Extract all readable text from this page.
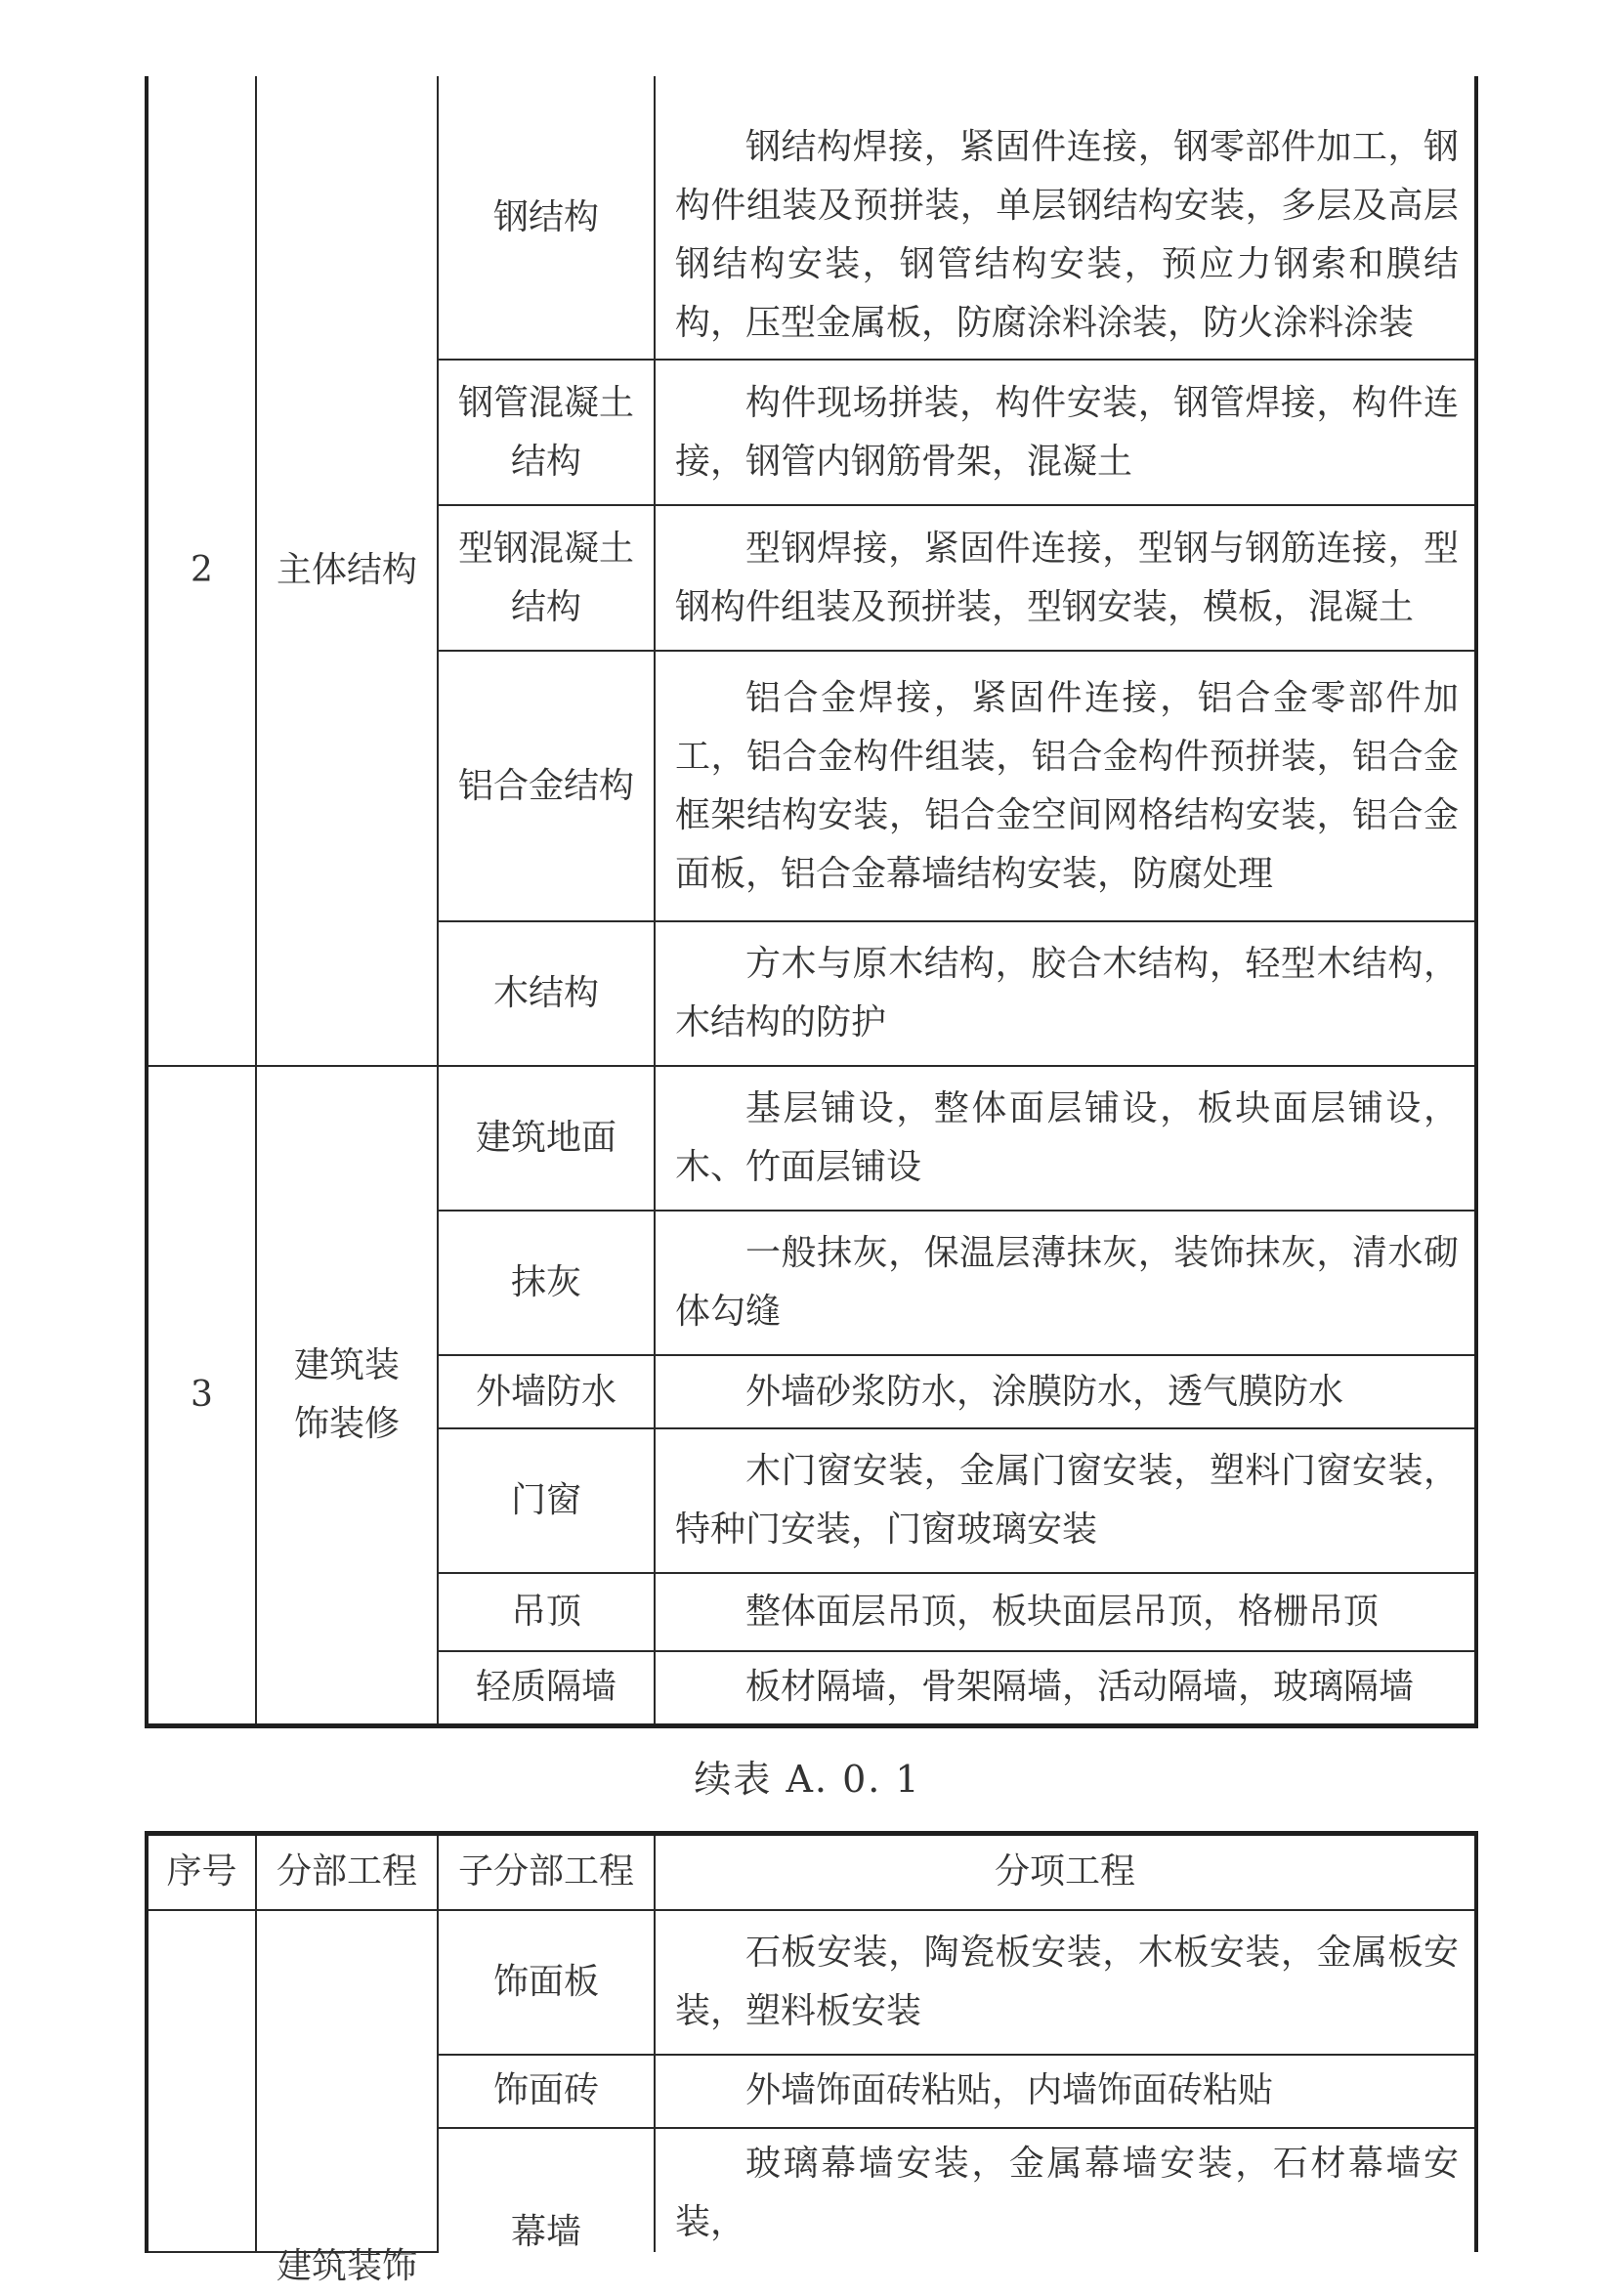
2	主体结构	钢结构	钢结构焊接，紧固件连接，钢零部件加工，钢构件组装及预拼装，单层钢结构安装，多层及高层钢结构安装，钢管结构安装，预应力钢索和膜结构，压型金属板，防腐涂料涂装，防火涂料涂装
		钢管混凝土结构	构件现场拼装，构件安装，钢管焊接，构件连接，钢管内钢筋骨架，混凝土
		型钢混凝土结构	型钢焊接，紧固件连接，型钢与钢筋连接，型钢构件组装及预拼装，型钢安装，模板，混凝土
		铝合金结构	铝合金焊接，紧固件连接，铝合金零部件加工，铝合金构件组装，铝合金构件预拼装，铝合金框架结构安装，铝合金空间网格结构安装，铝合金面板，铝合金幕墙结构安装，防腐处理
		木结构	方木与原木结构，胶合木结构，轻型木结构，木结构的防护
3	建筑装饰装修	建筑地面	基层铺设，整体面层铺设，板块面层铺设，木、竹面层铺设
		抹灰	一般抹灰，保温层薄抹灰，装饰抹灰，清水砌体勾缝
		外墙防水	外墙砂浆防水，涂膜防水，透气膜防水
		门窗	木门窗安装，金属门窗安装，塑料门窗安装，特种门安装，门窗玻璃安装
		吊顶	整体面层吊顶，板块面层吊顶，格栅吊顶
		轻质隔墙	板材隔墙，骨架隔墙，活动隔墙，玻璃隔墙
续表 A. 0. 1
序号	分部工程	子分部工程	分项工程

	建筑装饰	饰面板	石板安装，陶瓷板安装，木板安装，金属板安装，塑料板安装
		饰面砖	外墙饰面砖粘贴，内墙饰面砖粘贴
		幕墙	玻璃幕墙安装，金属幕墙安装，石材幕墙安装，
